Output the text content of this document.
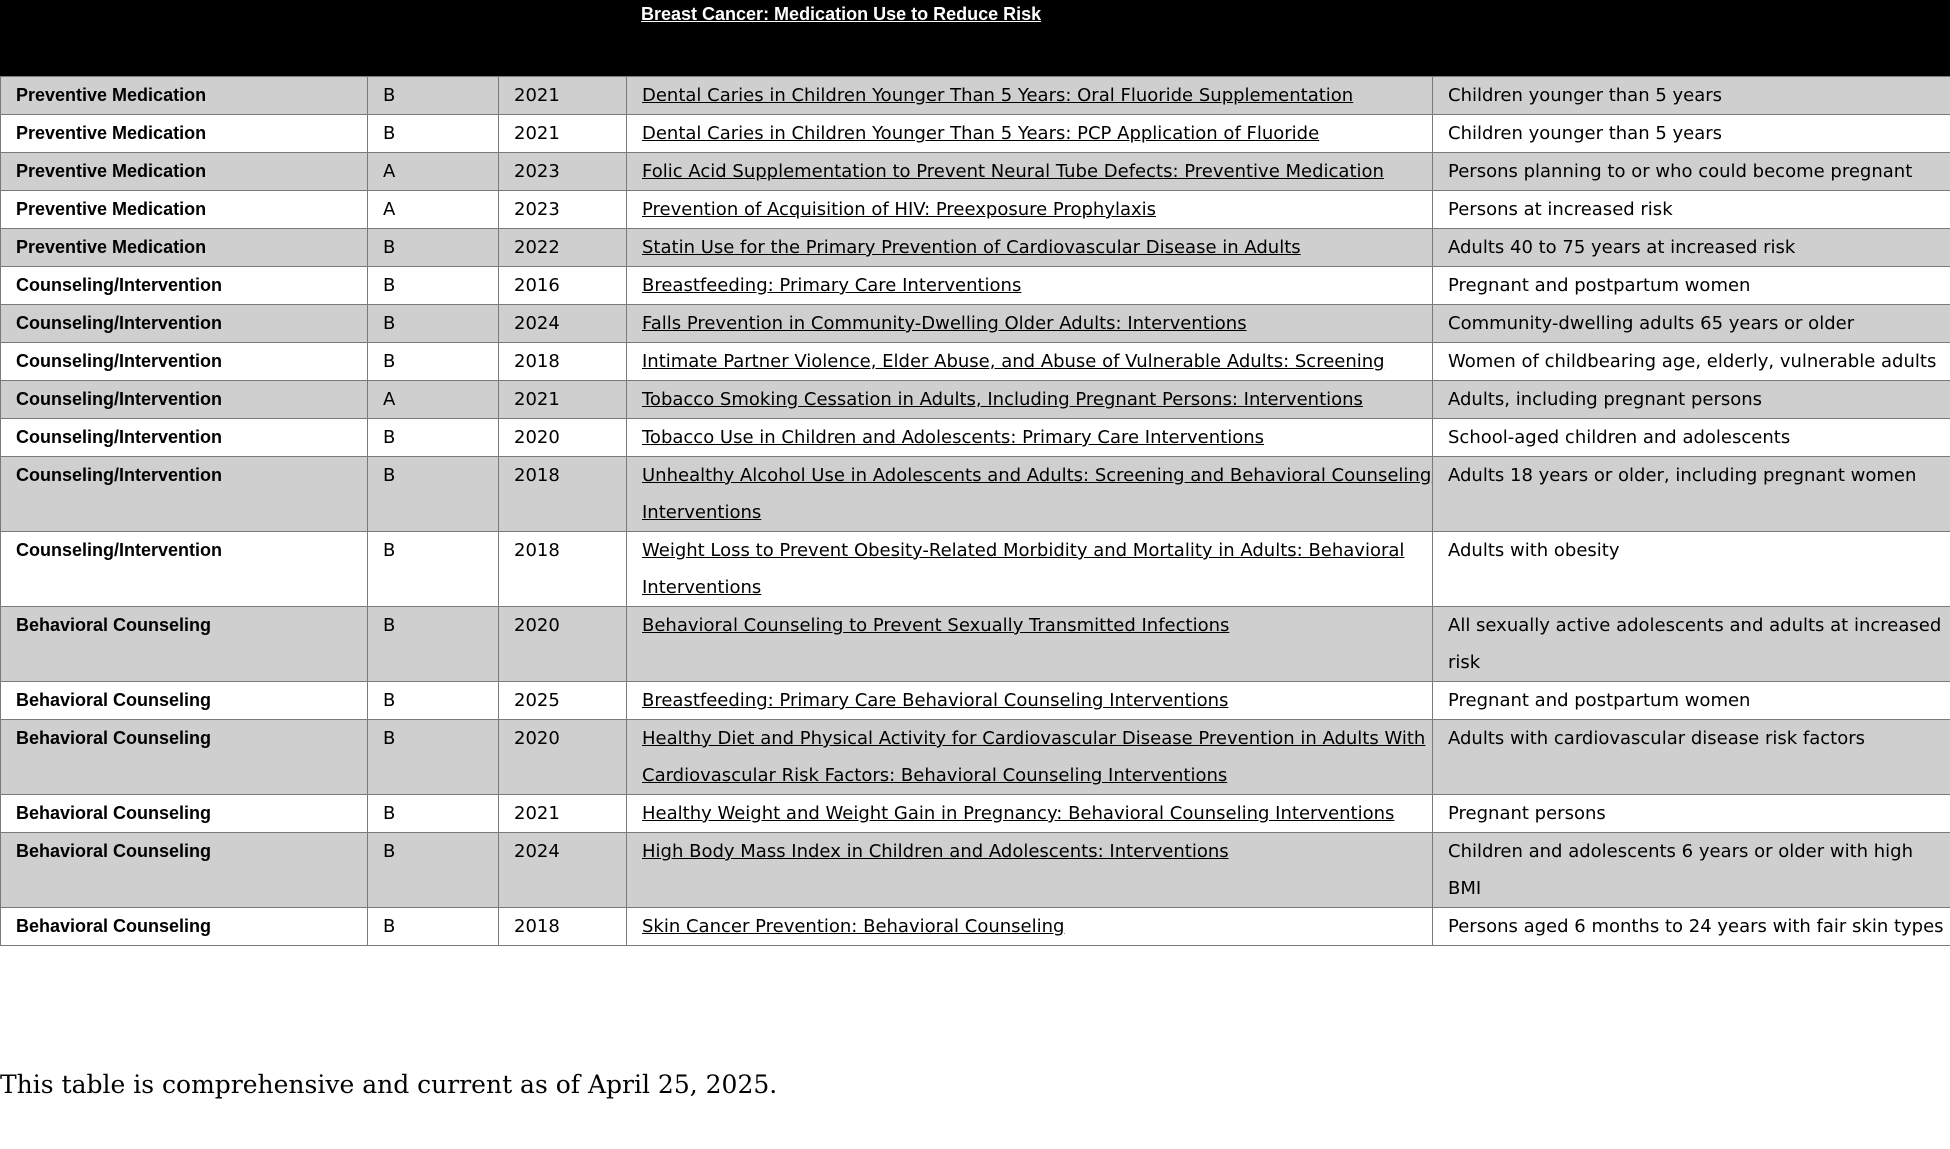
Breast Cancer: Medication Use to Reduce Risk
Preventive Medication	B	2021	Dental Caries in Children Younger Than 5 Years: Oral Fluoride Supplementation	Children younger than 5 years
Preventive Medication	B	2021	Dental Caries in Children Younger Than 5 Years: PCP Application of Fluoride	Children younger than 5 years
Preventive Medication	A	2023	Folic Acid Supplementation to Prevent Neural Tube Defects: Preventive Medication	Persons planning to or who could become pregnant
Preventive Medication	A	2023	Prevention of Acquisition of HIV: Preexposure Prophylaxis	Persons at increased risk
Preventive Medication	B	2022	Statin Use for the Primary Prevention of Cardiovascular Disease in Adults	Adults 40 to 75 years at increased risk
Counseling/Intervention	B	2016	Breastfeeding: Primary Care Interventions	Pregnant and postpartum women
Counseling/Intervention	B	2024	Falls Prevention in Community-Dwelling Older Adults: Interventions	Community-dwelling adults 65 years or older
Counseling/Intervention	B	2018	Intimate Partner Violence, Elder Abuse, and Abuse of Vulnerable Adults: Screening	Women of childbearing age, elderly, vulnerable adults
Counseling/Intervention	A	2021	Tobacco Smoking Cessation in Adults, Including Pregnant Persons: Interventions	Adults, including pregnant persons
Counseling/Intervention	B	2020	Tobacco Use in Children and Adolescents: Primary Care Interventions	School-aged children and adolescents
Counseling/Intervention	B	2018	Unhealthy Alcohol Use in Adolescents and Adults: Screening and Behavioral Counseling Interventions	Adults 18 years or older, including pregnant women
Counseling/Intervention	B	2018	Weight Loss to Prevent Obesity-Related Morbidity and Mortality in Adults: Behavioral Interventions	Adults with obesity
Behavioral Counseling	B	2020	Behavioral Counseling to Prevent Sexually Transmitted Infections	All sexually active adolescents and adults at increased risk
Behavioral Counseling	B	2025	Breastfeeding: Primary Care Behavioral Counseling Interventions	Pregnant and postpartum women
Behavioral Counseling	B	2020	Healthy Diet and Physical Activity for Cardiovascular Disease Prevention in Adults With Cardiovascular Risk Factors: Behavioral Counseling Interventions	Adults with cardiovascular disease risk factors
Behavioral Counseling	B	2021	Healthy Weight and Weight Gain in Pregnancy: Behavioral Counseling Interventions	Pregnant persons
Behavioral Counseling	B	2024	High Body Mass Index in Children and Adolescents: Interventions	Children and adolescents 6 years or older with high BMI
Behavioral Counseling	B	2018	Skin Cancer Prevention: Behavioral Counseling	Persons aged 6 months to 24 years with fair skin types
This table is comprehensive and current as of April 25, 2025.
